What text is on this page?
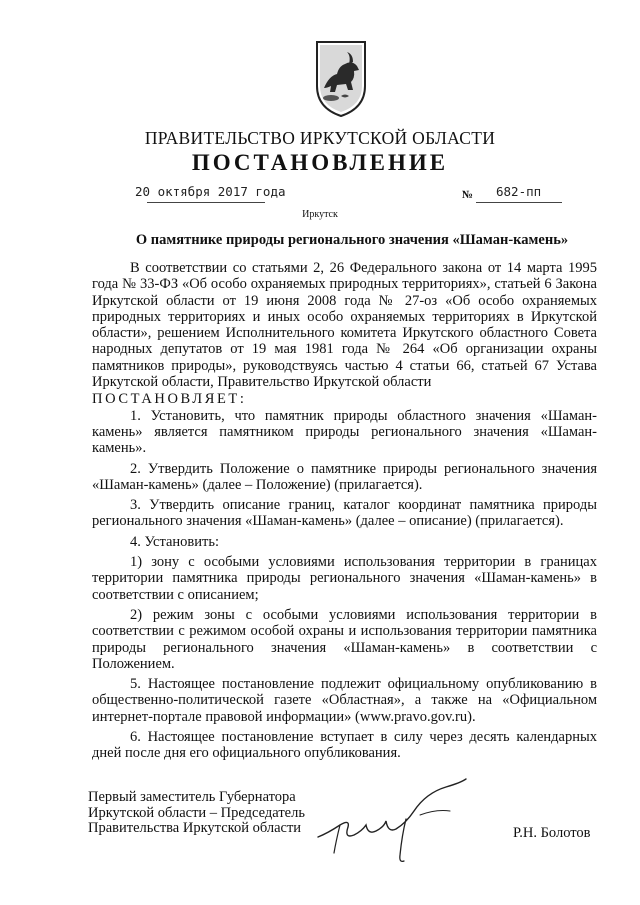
ПРАВИТЕЛЬСТВО ИРКУТСКОЙ ОБЛАСТИ
ПОСТАНОВЛЕНИЕ
20 октября 2017 года	№ 682-пп
Иркутск
О памятнике природы регионального значения «Шаман-камень»

В соответствии со статьями 2, 26 Федерального закона от 14 марта 1995 года № 33-ФЗ «Об особо охраняемых природных территориях», статьей 6 Закона Иркутской области от 19 июня 2008 года № 27-оз «Об особо охраняемых природных территориях и иных особо охраняемых территориях в Иркутской области», решением Исполнительного комитета Иркутского областного Совета народных депутатов от 19 мая 1981 года № 264 «Об организации охраны памятников природы», руководствуясь частью 4 статьи 66, статьей 67 Устава Иркутской области, Правительство Иркутской области

ПОСТАНОВЛЯЕТ:

1. Установить, что памятник природы областного значения «Шаман-камень» является памятником природы регионального значения «Шаман-камень».

2. Утвердить Положение о памятнике природы регионального значения «Шаман-камень» (далее – Положение) (прилагается).

3. Утвердить описание границ, каталог координат памятника природы регионального значения «Шаман-камень» (далее – описание) (прилагается).

4. Установить:

1) зону с особыми условиями использования территории в границах территории памятника природы регионального значения «Шаман-камень» в соответствии с описанием;

2) режим зоны с особыми условиями использования территории в соответствии с режимом особой охраны и использования территории памятника природы регионального значения «Шаман-камень» в соответствии с Положением.

5. Настоящее постановление подлежит официальному опубликованию в общественно-политической газете «Областная», а также на «Официальном интернет-портале правовой информации» (www.pravo.gov.ru).

6. Настоящее постановление вступает в силу через десять календарных дней после дня его официального опубликования.

Первый заместитель Губернатора
Иркутской области – Председатель
Правительства Иркутской области	Р.Н. Болотов
